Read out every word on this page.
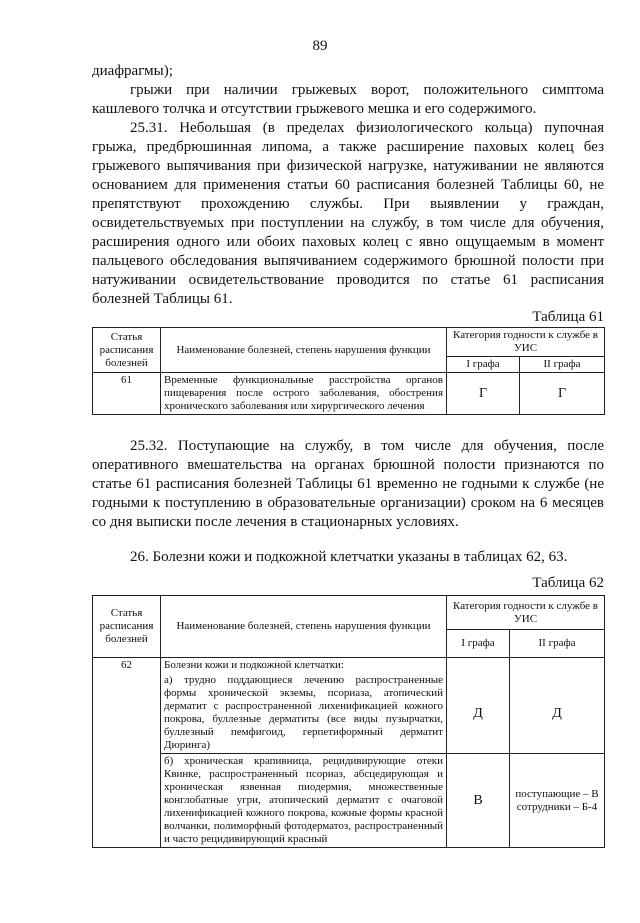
89

диафрагмы);

грыжи при наличии грыжевых ворот, положительного симптома кашлевого толчка и отсутствии грыжевого мешка и его содержимого.

25.31. Небольшая (в пределах физиологического кольца) пупочная грыжа, предбрюшинная липома, а также расширение паховых колец без грыжевого выпячивания при физической нагрузке, натуживании не являются основанием для применения статьи 60 расписания болезней Таблицы 60, не препятствуют прохождению службы. При выявлении у граждан, освидетельствуемых при поступлении на службу, в том числе для обучения, расширения одного или обоих паховых колец с явно ощущаемым в момент пальцевого обследования выпячиванием содержимого брюшной полости при натуживании освидетельствование проводится по статье 61 расписания болезней Таблицы 61.

Таблица 61
Статья расписания болезней	Наименование болезней, степень нарушения функции	Категория годности к службе в УИС	
		I графа	II графа
61	Временные функциональные расстройства органов пищеварения после острого заболевания, обострения хронического заболевания или хирургического лечения	Г	Г

25.32. Поступающие на службу, в том числе для обучения, после оперативного вмешательства на органах брюшной полости признаются по статье 61 расписания болезней Таблицы 61 временно не годными к службе (не годными к поступлению в образовательные организации) сроком на 6 месяцев со дня выписки после лечения в стационарных условиях.

26. Болезни кожи и подкожной клетчатки указаны в таблицах 62, 63.

Таблица 62
Статья расписания болезней	Наименование болезней, степень нарушения функции	Категория годности к службе в УИС	
		I графа	II графа
62	Болезни кожи и подкожной клетчатки:		
	а) трудно поддающиеся лечению распространенные формы хронической экземы, псориаза, атопический дерматит с распространенной лихенификацией кожного покрова, буллезные дерматиты (все виды пузырчатки, буллезный пемфигоид, герпетиформный дерматит Дюринга)	Д	Д
	б) хроническая крапивница, рецидивирующие отеки Квинке, распространенный псориаз, абсцедирующая и хроническая язвенная пиодермия, множественные конглобатные угри, атопический дерматит с очаговой лихенификацией кожного покрова, кожные формы красной волчанки, полиморфный фотодерматоз, распространенный и часто рецидивирующий красный	В	поступающие – В
сотрудники – Б-4
